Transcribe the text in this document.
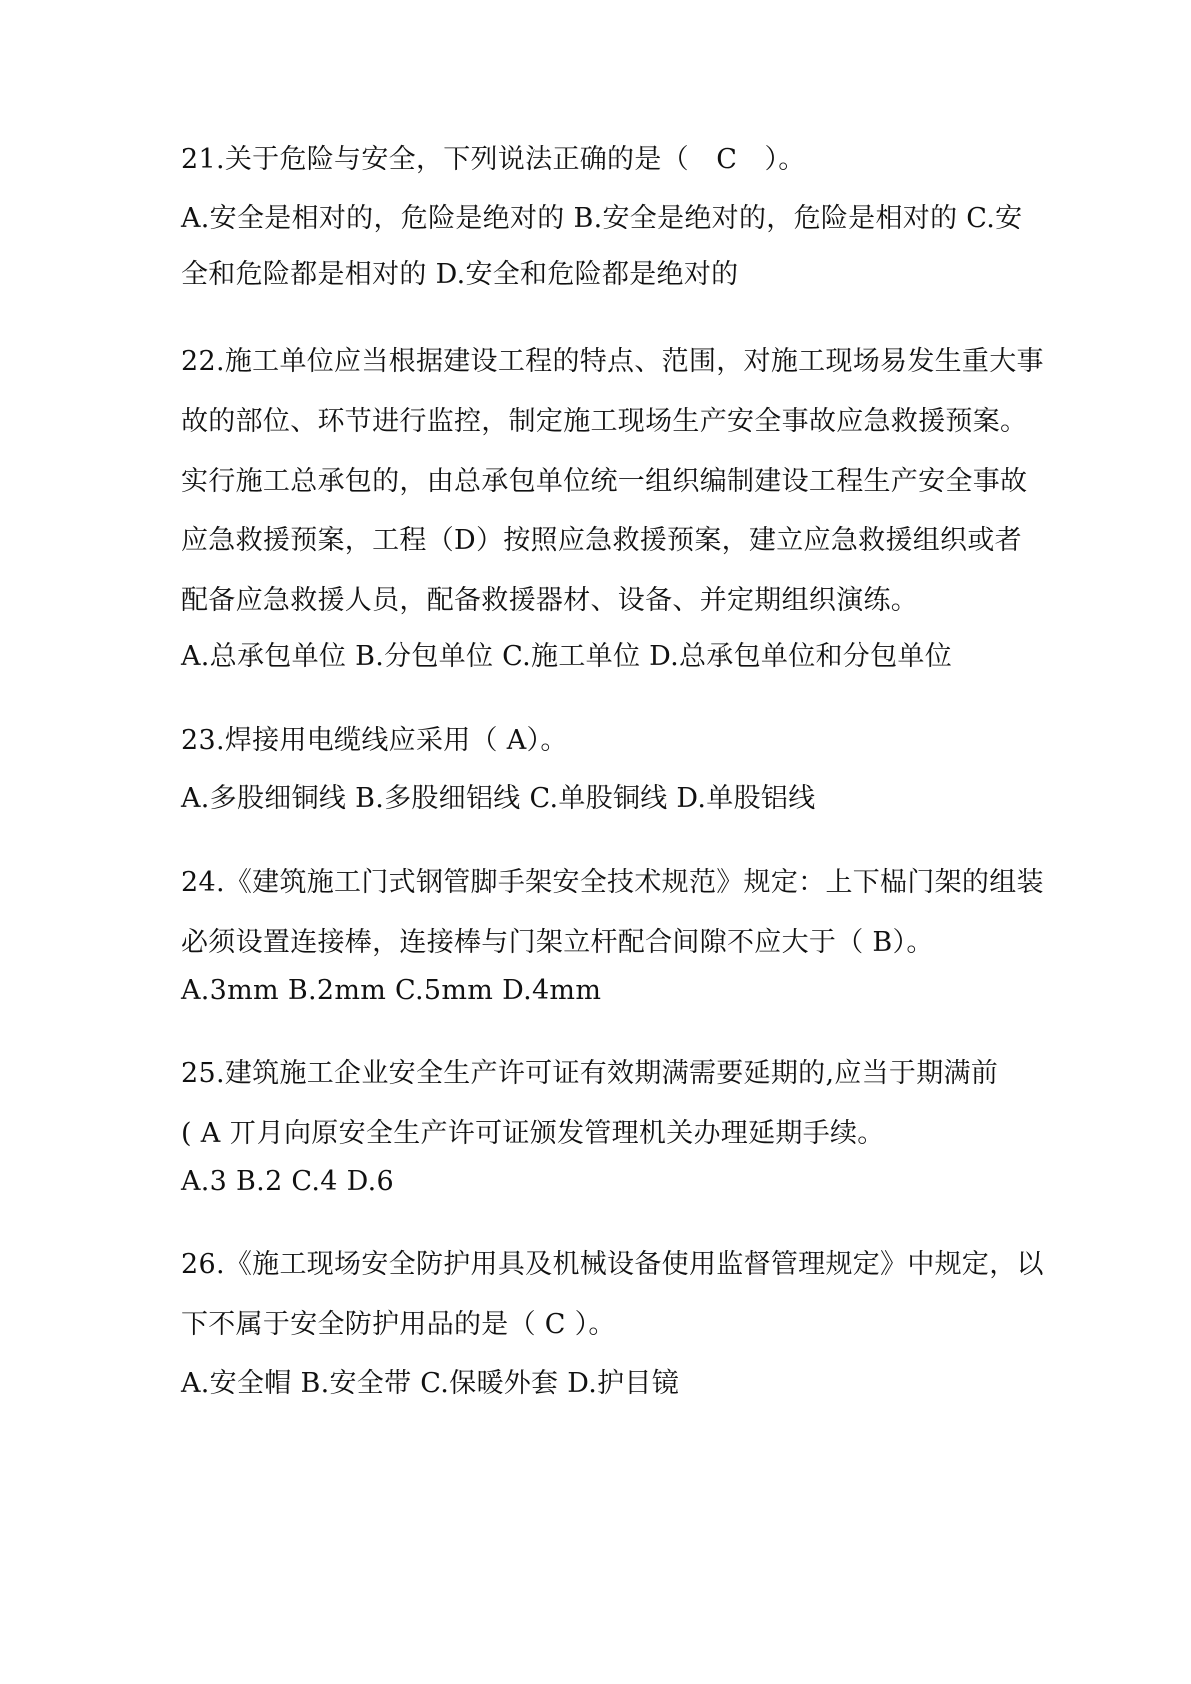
21.关于危险与安全，下列说法正确的是（　C　）。
A.安全是相对的，危险是绝对的 B.安全是绝对的，危险是相对的 C.安
全和危险都是相对的 D.安全和危险都是绝对的
22.施工单位应当根据建设工程的特点、范围，对施工现场易发生重大事
故的部位、环节进行监控，制定施工现场生产安全事故应急救援预案。
实行施工总承包的，由总承包单位统一组织编制建设工程生产安全事故
应急救援预案，工程（D）按照应急救援预案，建立应急救援组织或者
配备应急救援人员，配备救援器材、设备、并定期组织演练。
A.总承包单位 B.分包单位 C.施工单位 D.总承包单位和分包单位
23.焊接用电缆线应采用（ A）。
A.多股细铜线 B.多股细铝线 C.单股铜线 D.单股铝线
24.《建筑施工门式钢管脚手架安全技术规范》规定：上下榀门架的组装
必须设置连接棒，连接棒与门架立杆配合间隙不应大于（ B）。
A.3mm B.2mm C.5mm D.4mm
25.建筑施工企业安全生产许可证有效期满需要延期的,应当于期满前
( A 丌月向原安全生产许可证颁发管理机关办理延期手续。
A.3 B.2 C.4 D.6
26.《施工现场安全防护用具及机械设备使用监督管理规定》中规定，以
下不属于安全防护用品的是（ C ）。
A.安全帽 B.安全带 C.保暖外套 D.护目镜
